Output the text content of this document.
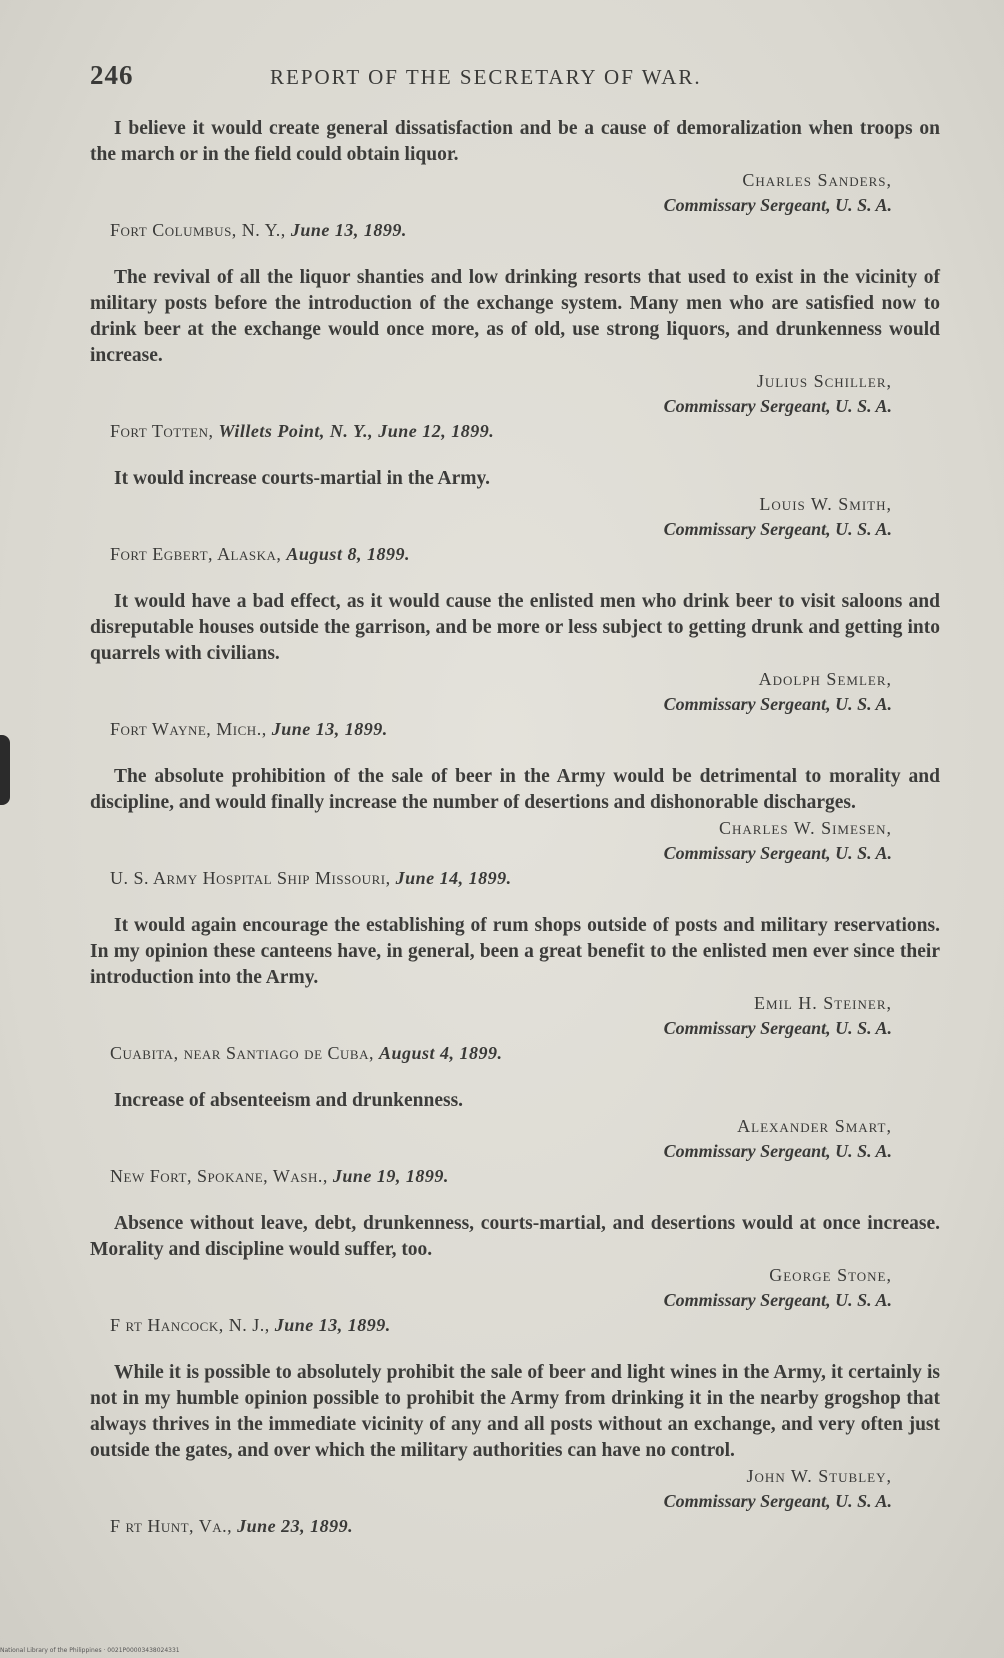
246	REPORT OF THE SECRETARY OF WAR.

I believe it would create general dissatisfaction and be a cause of demoralization when troops on the march or in the field could obtain liquor.

Charles Sanders,
Commissary Sergeant, U. S. A.
Fort Columbus, N. Y., June 13, 1899.

The revival of all the liquor shanties and low drinking resorts that used to exist in the vicinity of military posts before the introduction of the exchange system. Many men who are satisfied now to drink beer at the exchange would once more, as of old, use strong liquors, and drunkenness would increase.

Julius Schiller,
Commissary Sergeant, U. S. A.
Fort Totten, Willets Point, N. Y., June 12, 1899.

It would increase courts-martial in the Army.

Louis W. Smith,
Commissary Sergeant, U. S. A.
Fort Egbert, Alaska, August 8, 1899.

It would have a bad effect, as it would cause the enlisted men who drink beer to visit saloons and disreputable houses outside the garrison, and be more or less subject to getting drunk and getting into quarrels with civilians.

Adolph Semler,
Commissary Sergeant, U. S. A.
Fort Wayne, Mich., June 13, 1899.

The absolute prohibition of the sale of beer in the Army would be detrimental to morality and discipline, and would finally increase the number of desertions and dishonorable discharges.

Charles W. Simesen,
Commissary Sergeant, U. S. A.
U. S. Army Hospital Ship Missouri, June 14, 1899.

It would again encourage the establishing of rum shops outside of posts and military reservations. In my opinion these canteens have, in general, been a great benefit to the enlisted men ever since their introduction into the Army.

Emil H. Steiner,
Commissary Sergeant, U. S. A.
Cuabita, near Santiago de Cuba, August 4, 1899.

Increase of absenteeism and drunkenness.

Alexander Smart,
Commissary Sergeant, U. S. A.
New Fort, Spokane, Wash., June 19, 1899.

Absence without leave, debt, drunkenness, courts-martial, and desertions would at once increase. Morality and discipline would suffer, too.

George Stone,
Commissary Sergeant, U. S. A.
F rt Hancock, N. J., June 13, 1899.

While it is possible to absolutely prohibit the sale of beer and light wines in the Army, it certainly is not in my humble opinion possible to prohibit the Army from drinking it in the nearby grogshop that always thrives in the immediate vicinity of any and all posts without an exchange, and very often just outside the gates, and over which the military authorities can have no control.

John W. Stubley,
Commissary Sergeant, U. S. A.
F rt Hunt, Va., June 23, 1899.
National Library of the Philippines · 0021P00003438024331
